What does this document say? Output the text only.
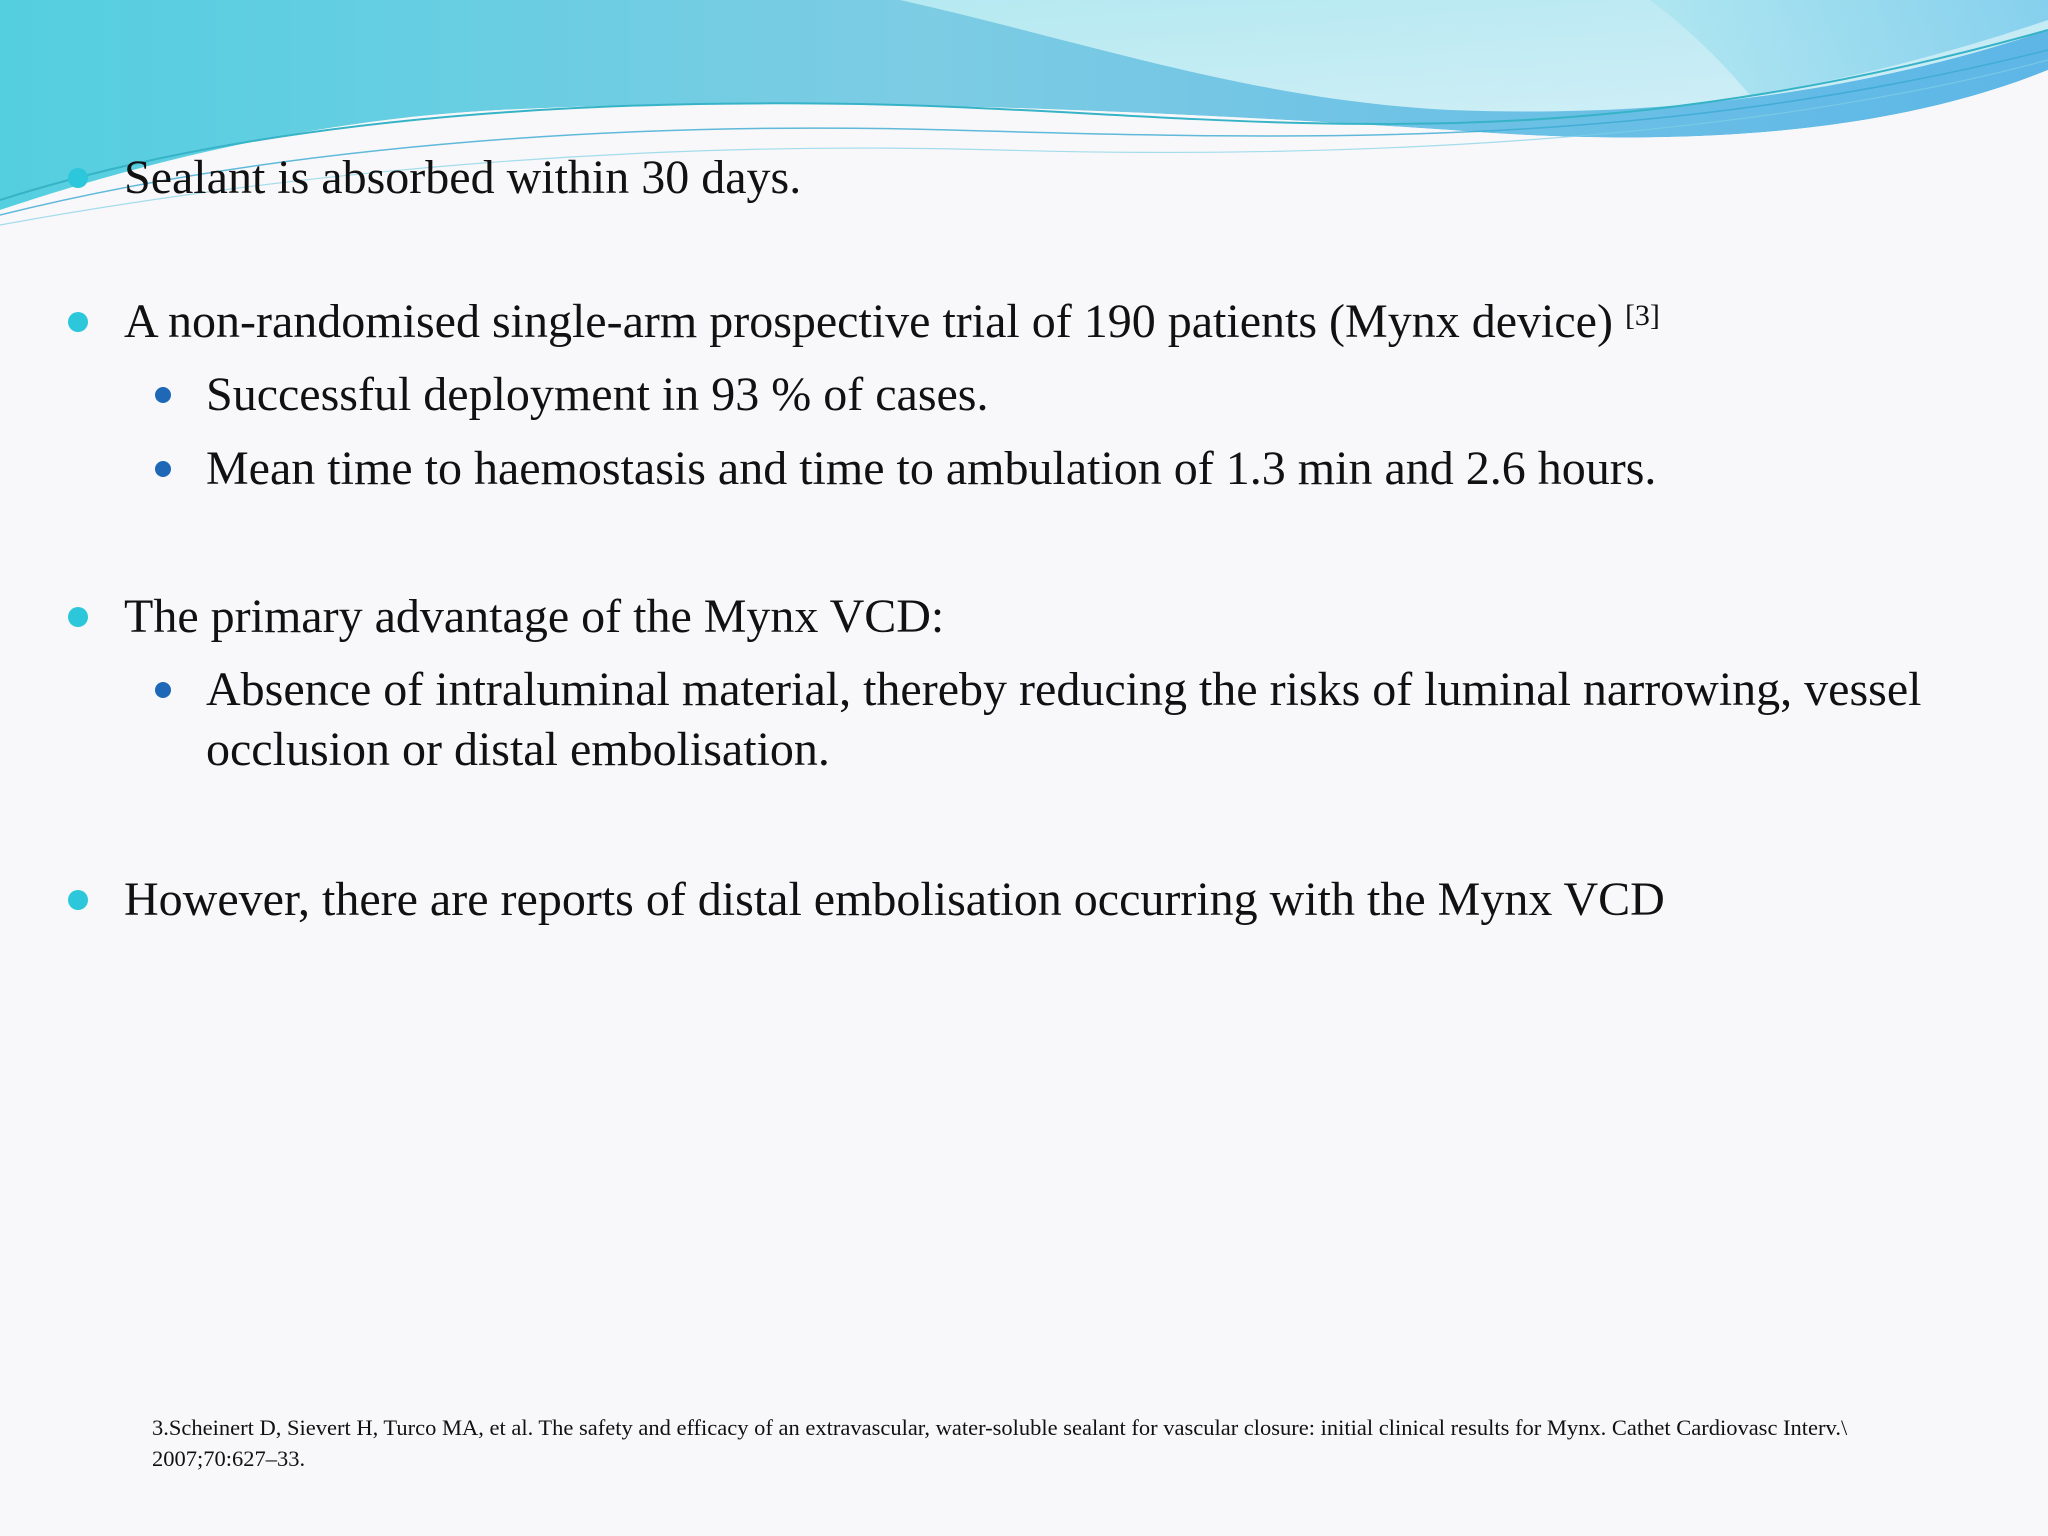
Sealant is absorbed within 30 days.
A non-randomised single-arm prospective trial of 190 patients (Mynx device) [3]
Successful deployment in 93 % of cases.
Mean time to haemostasis and time to ambulation of 1.3 min and 2.6 hours.
The primary advantage of the Mynx VCD:
Absence of intraluminal material, thereby reducing the risks of luminal narrowing, vessel occlusion or distal embolisation.
However, there are reports of distal embolisation occurring with the Mynx VCD
3.Scheinert D, Sievert H, Turco MA, et al. The safety and efficacy of an extravascular, water-soluble sealant for vascular closure: initial clinical results for Mynx. Cathet Cardiovasc Interv.\ 2007;70:627–33.
